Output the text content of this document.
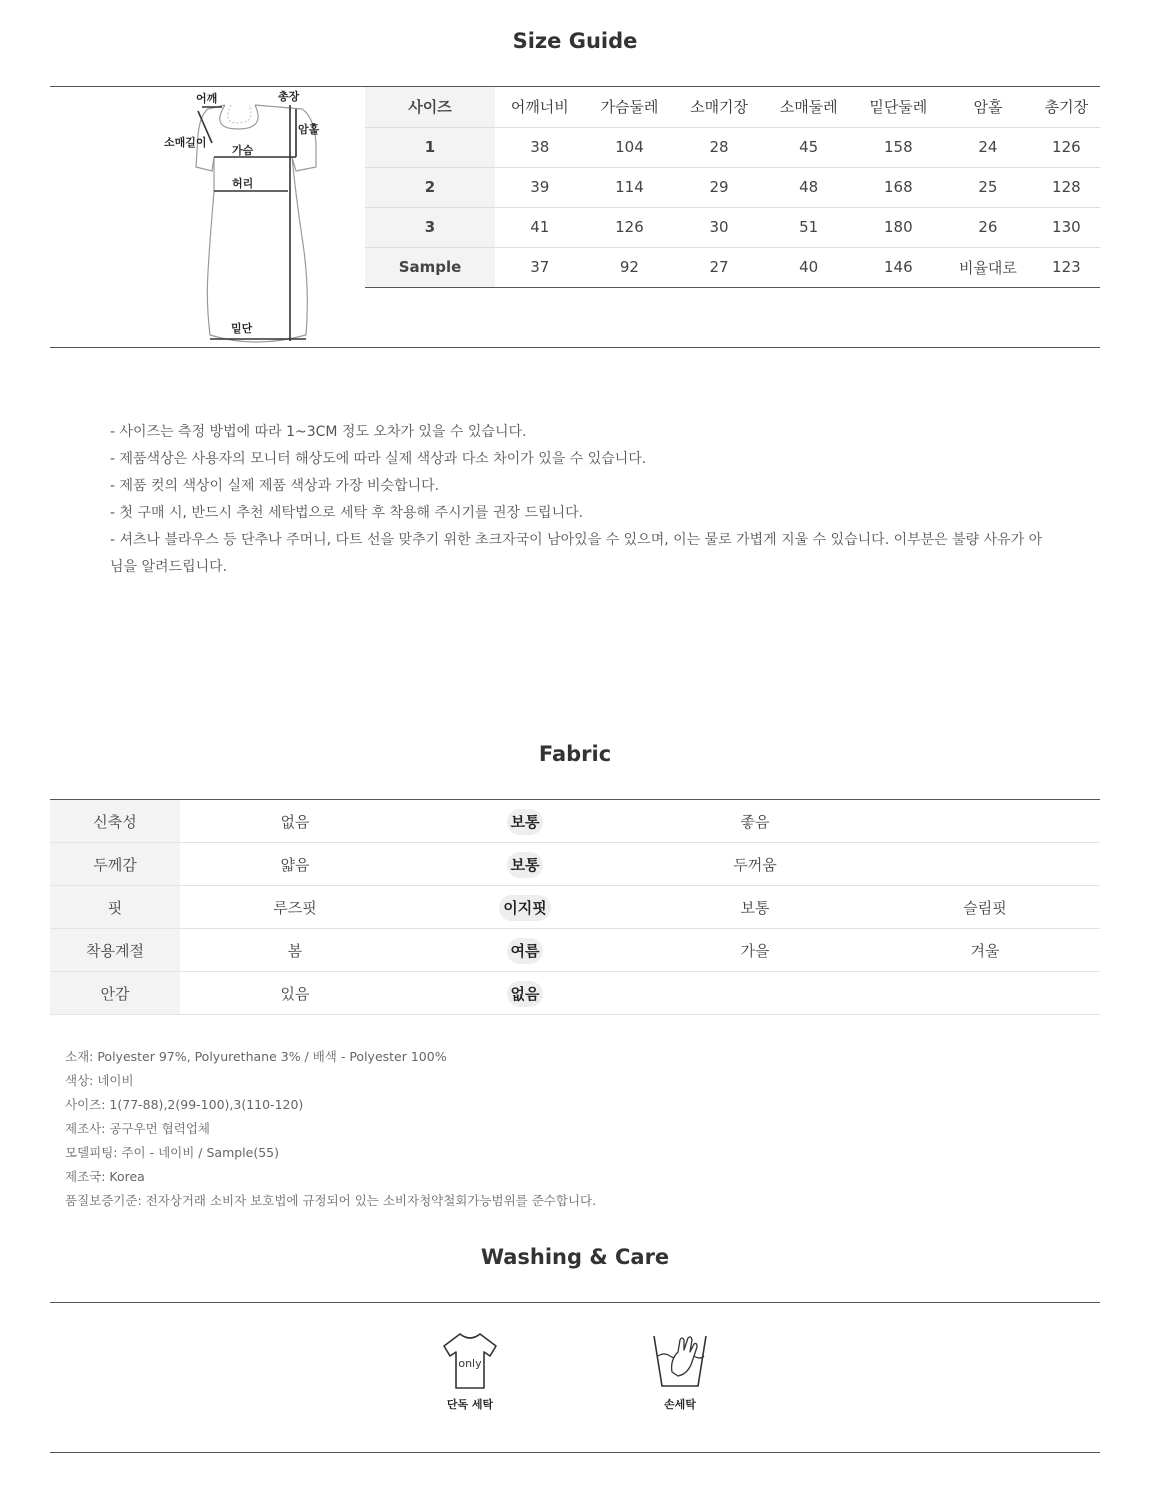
Size Guide
어깨	총장
소매길이
암홀
가슴
허리
밑단
사이즈	어깨너비	가슴둘레	소매기장	소매둘레	밑단둘레	암홀	총기장
1	38	104	28	45	158	24	126
2	39	114	29	48	168	25	128
3	41	126	30	51	180	26	130
Sample	37	92	27	40	146	비율대로	123
- 사이즈는 측정 방법에 따라 1~3CM 정도 오차가 있을 수 있습니다.
- 제품색상은 사용자의 모니터 해상도에 따라 실제 색상과 다소 차이가 있을 수 있습니다.
- 제품 컷의 색상이 실제 제품 색상과 가장 비슷합니다.
- 첫 구매 시, 반드시 추천 세탁법으로 세탁 후 착용해 주시기를 권장 드립니다.
- 셔츠나 블라우스 등 단추나 주머니, 다트 선을 맞추기 위한 초크자국이 남아있을 수 있으며, 이는 물로 가볍게 지울 수 있습니다. 이부분은 불량 사유가 아님을 알려드립니다.
Fabric
신축성	없음	보통	좋음	
두께감	얇음	보통	두꺼움	
핏	루즈핏	이지핏	보통	슬림핏
착용계절	봄	여름	가을	겨울
안감	있음	없음		
소재: Polyester 97%, Polyurethane 3% / 배색 - Polyester 100%
색상: 네이비
사이즈: 1(77-88),2(99-100),3(110-120)
제조사: 공구우먼 협력업체
모델피팅: 주이 - 네이비 / Sample(55)
제조국: Korea
품질보증기준: 전자상거래 소비자 보호법에 규정되어 있는 소비자청약철회가능범위를 준수합니다.
Washing & Care
only
단독 세탁	손세탁
